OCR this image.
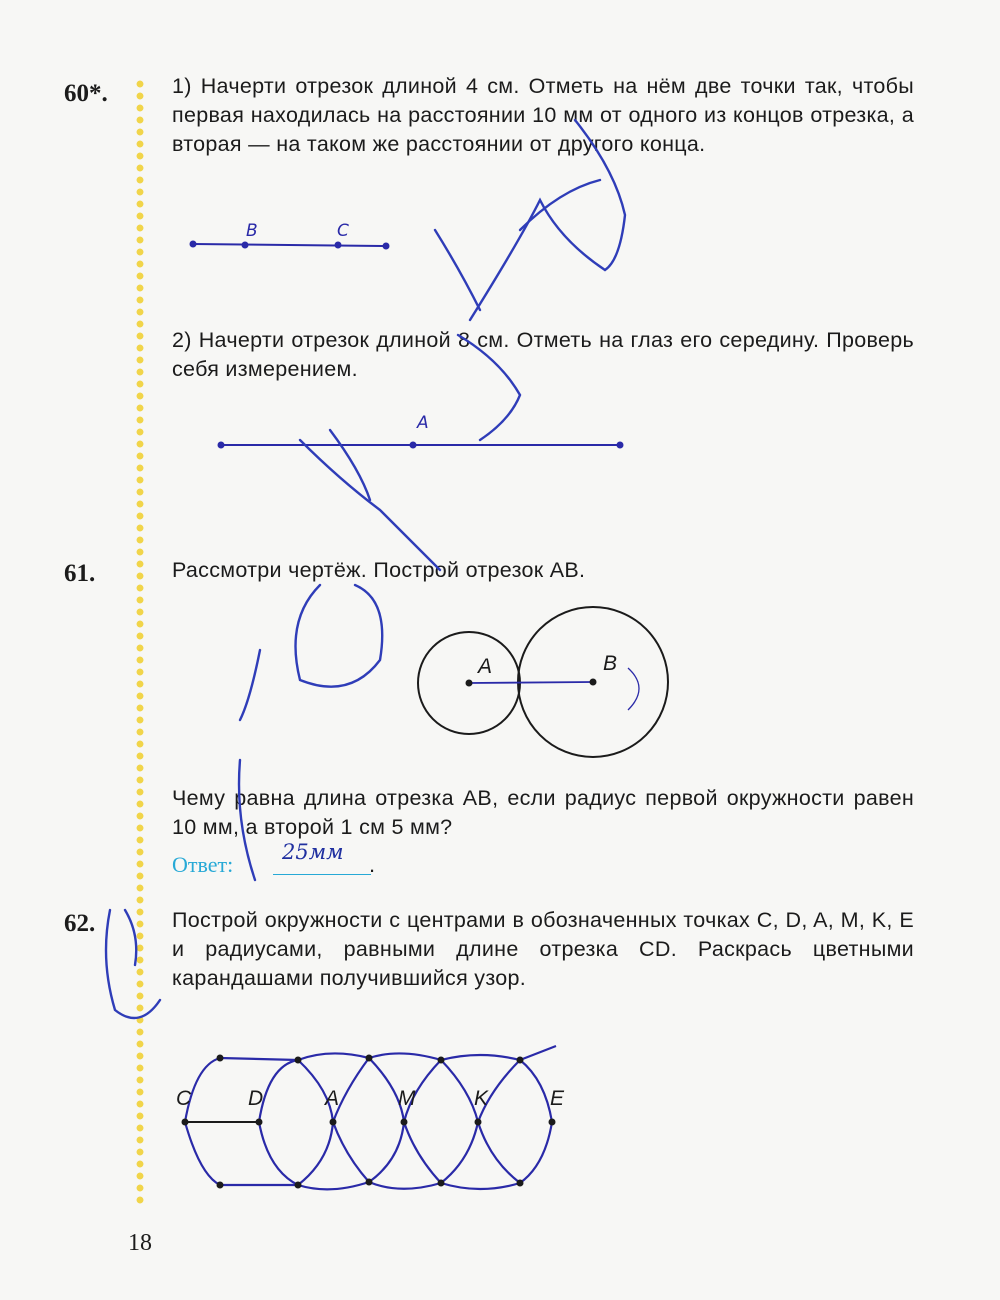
60*.	1) Начерти отрезок длиной 4 см. Отметь на нём две точки так, чтобы первая находилась на расстоянии 10 мм от одного из концов отрезка, а вторая — на таком же расстоянии от другого конца.
2) Начерти отрезок длиной 8 см. Отметь на глаз его середину. Проверь себя измерением.
61.	Рассмотри чертёж. Построй отрезок AB.
Чему равна длина отрезка AB, если радиус первой окружности равен 10 мм, а второй 1 см 5 мм?
Ответ: 25мм .
62.	Построй окружности с центрами в обозначенных точках C, D, A, M, K, E и радиусами, равными длине отрезка CD. Раскрась цветными карандашами получившийся узор.
18
B	C
A
A	B
C	D	A	M	K	E
